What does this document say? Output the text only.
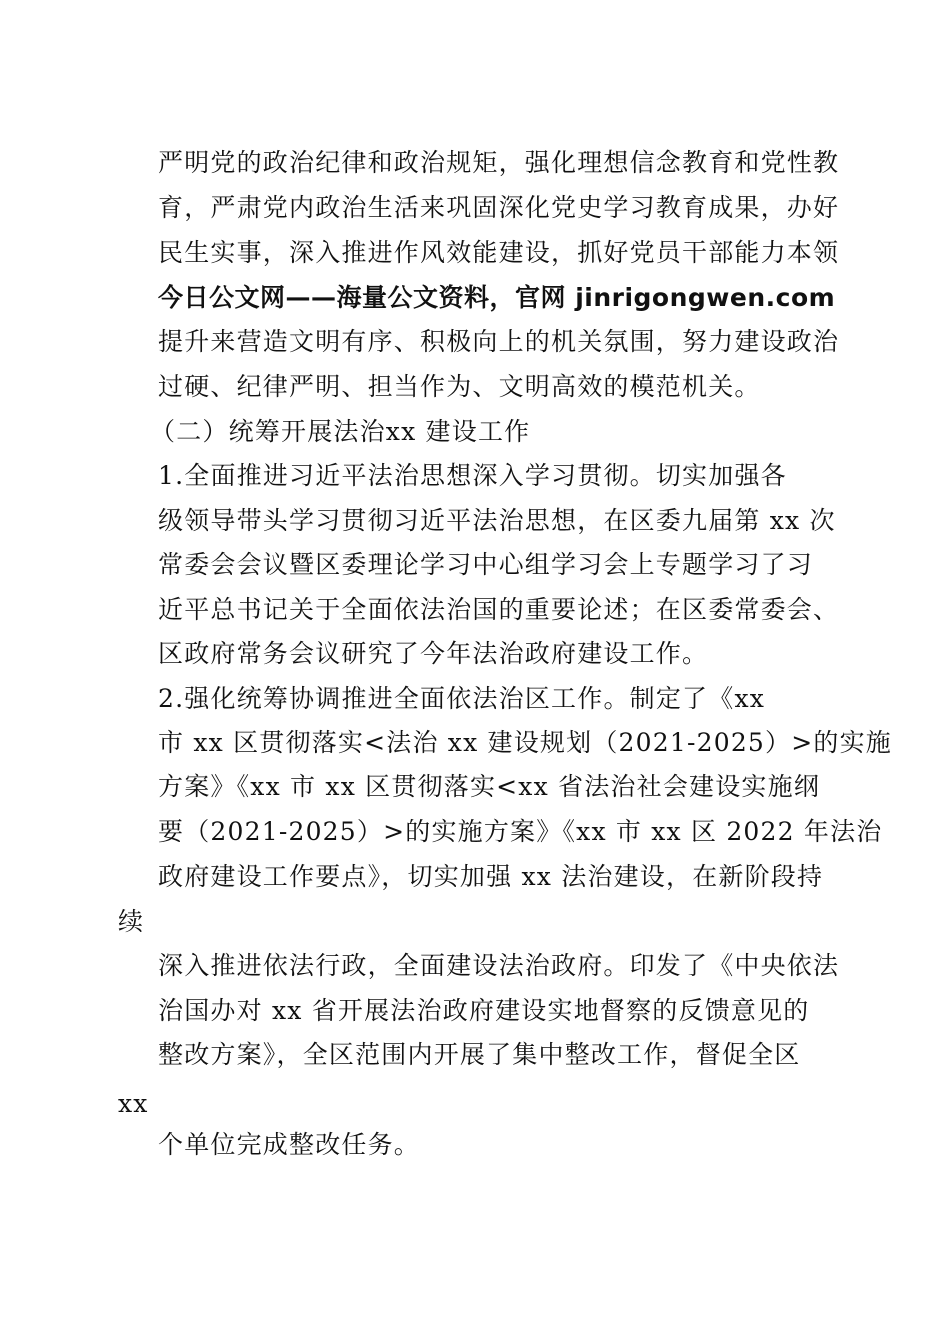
严明党的政治纪律和政治规矩，强化理想信念教育和党性教
育，严肃党内政治生活来巩固深化党史学习教育成果，办好
民生实事，深入推进作风效能建设，抓好党员干部能力本领
今日公文网——海量公文资料，官网 jinrigongwen.com
提升来营造文明有序、积极向上的机关氛围，努力建设政治
过硬、纪律严明、担当作为、文明高效的模范机关。
（二）统筹开展法治xx 建设工作
1.全面推进习近平法治思想深入学习贯彻。切实加强各
级领导带头学习贯彻习近平法治思想，在区委九届第 xx 次
常委会会议暨区委理论学习中心组学习会上专题学习了习
近平总书记关于全面依法治国的重要论述；在区委常委会、
区政府常务会议研究了今年法治政府建设工作。
2.强化统筹协调推进全面依法治区工作。制定了《xx
市 xx 区贯彻落实<法治 xx 建设规划（2021-2025）>的实施
方案》《xx 市 xx 区贯彻落实<xx 省法治社会建设实施纲
要（2021-2025）>的实施方案》《xx 市 xx 区 2022 年法治
政府建设工作要点》，切实加强 xx 法治建设，在新阶段持
续
深入推进依法行政，全面建设法治政府。印发了《中央依法
治国办对 xx 省开展法治政府建设实地督察的反馈意见的
整改方案》，全区范围内开展了集中整改工作，督促全区
xx
个单位完成整改任务。
